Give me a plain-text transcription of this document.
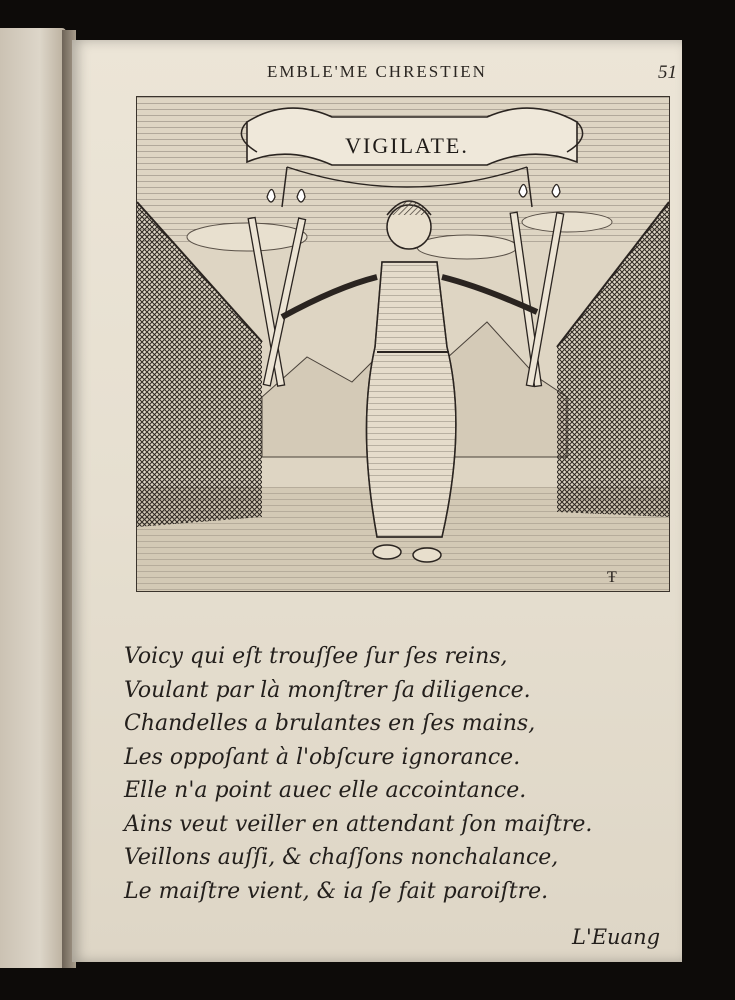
EMBLE'ME CHRESTIEN	51
VIGILATE.
Ŧ
Voicy qui eſt trouſſee ſur ſes reins,
Voulant par là monſtrer ſa diligence.
Chandelles a brulantes en ſes mains,
Les oppoſant à l'obſcure ignorance.
Elle n'a point auec elle accointance.
Ains veut veiller en attendant ſon maiſtre.
Veillons auſſi, & chaſſons nonchalance,
Le maiſtre vient, & ia ſe fait paroiſtre.
L'Euang
